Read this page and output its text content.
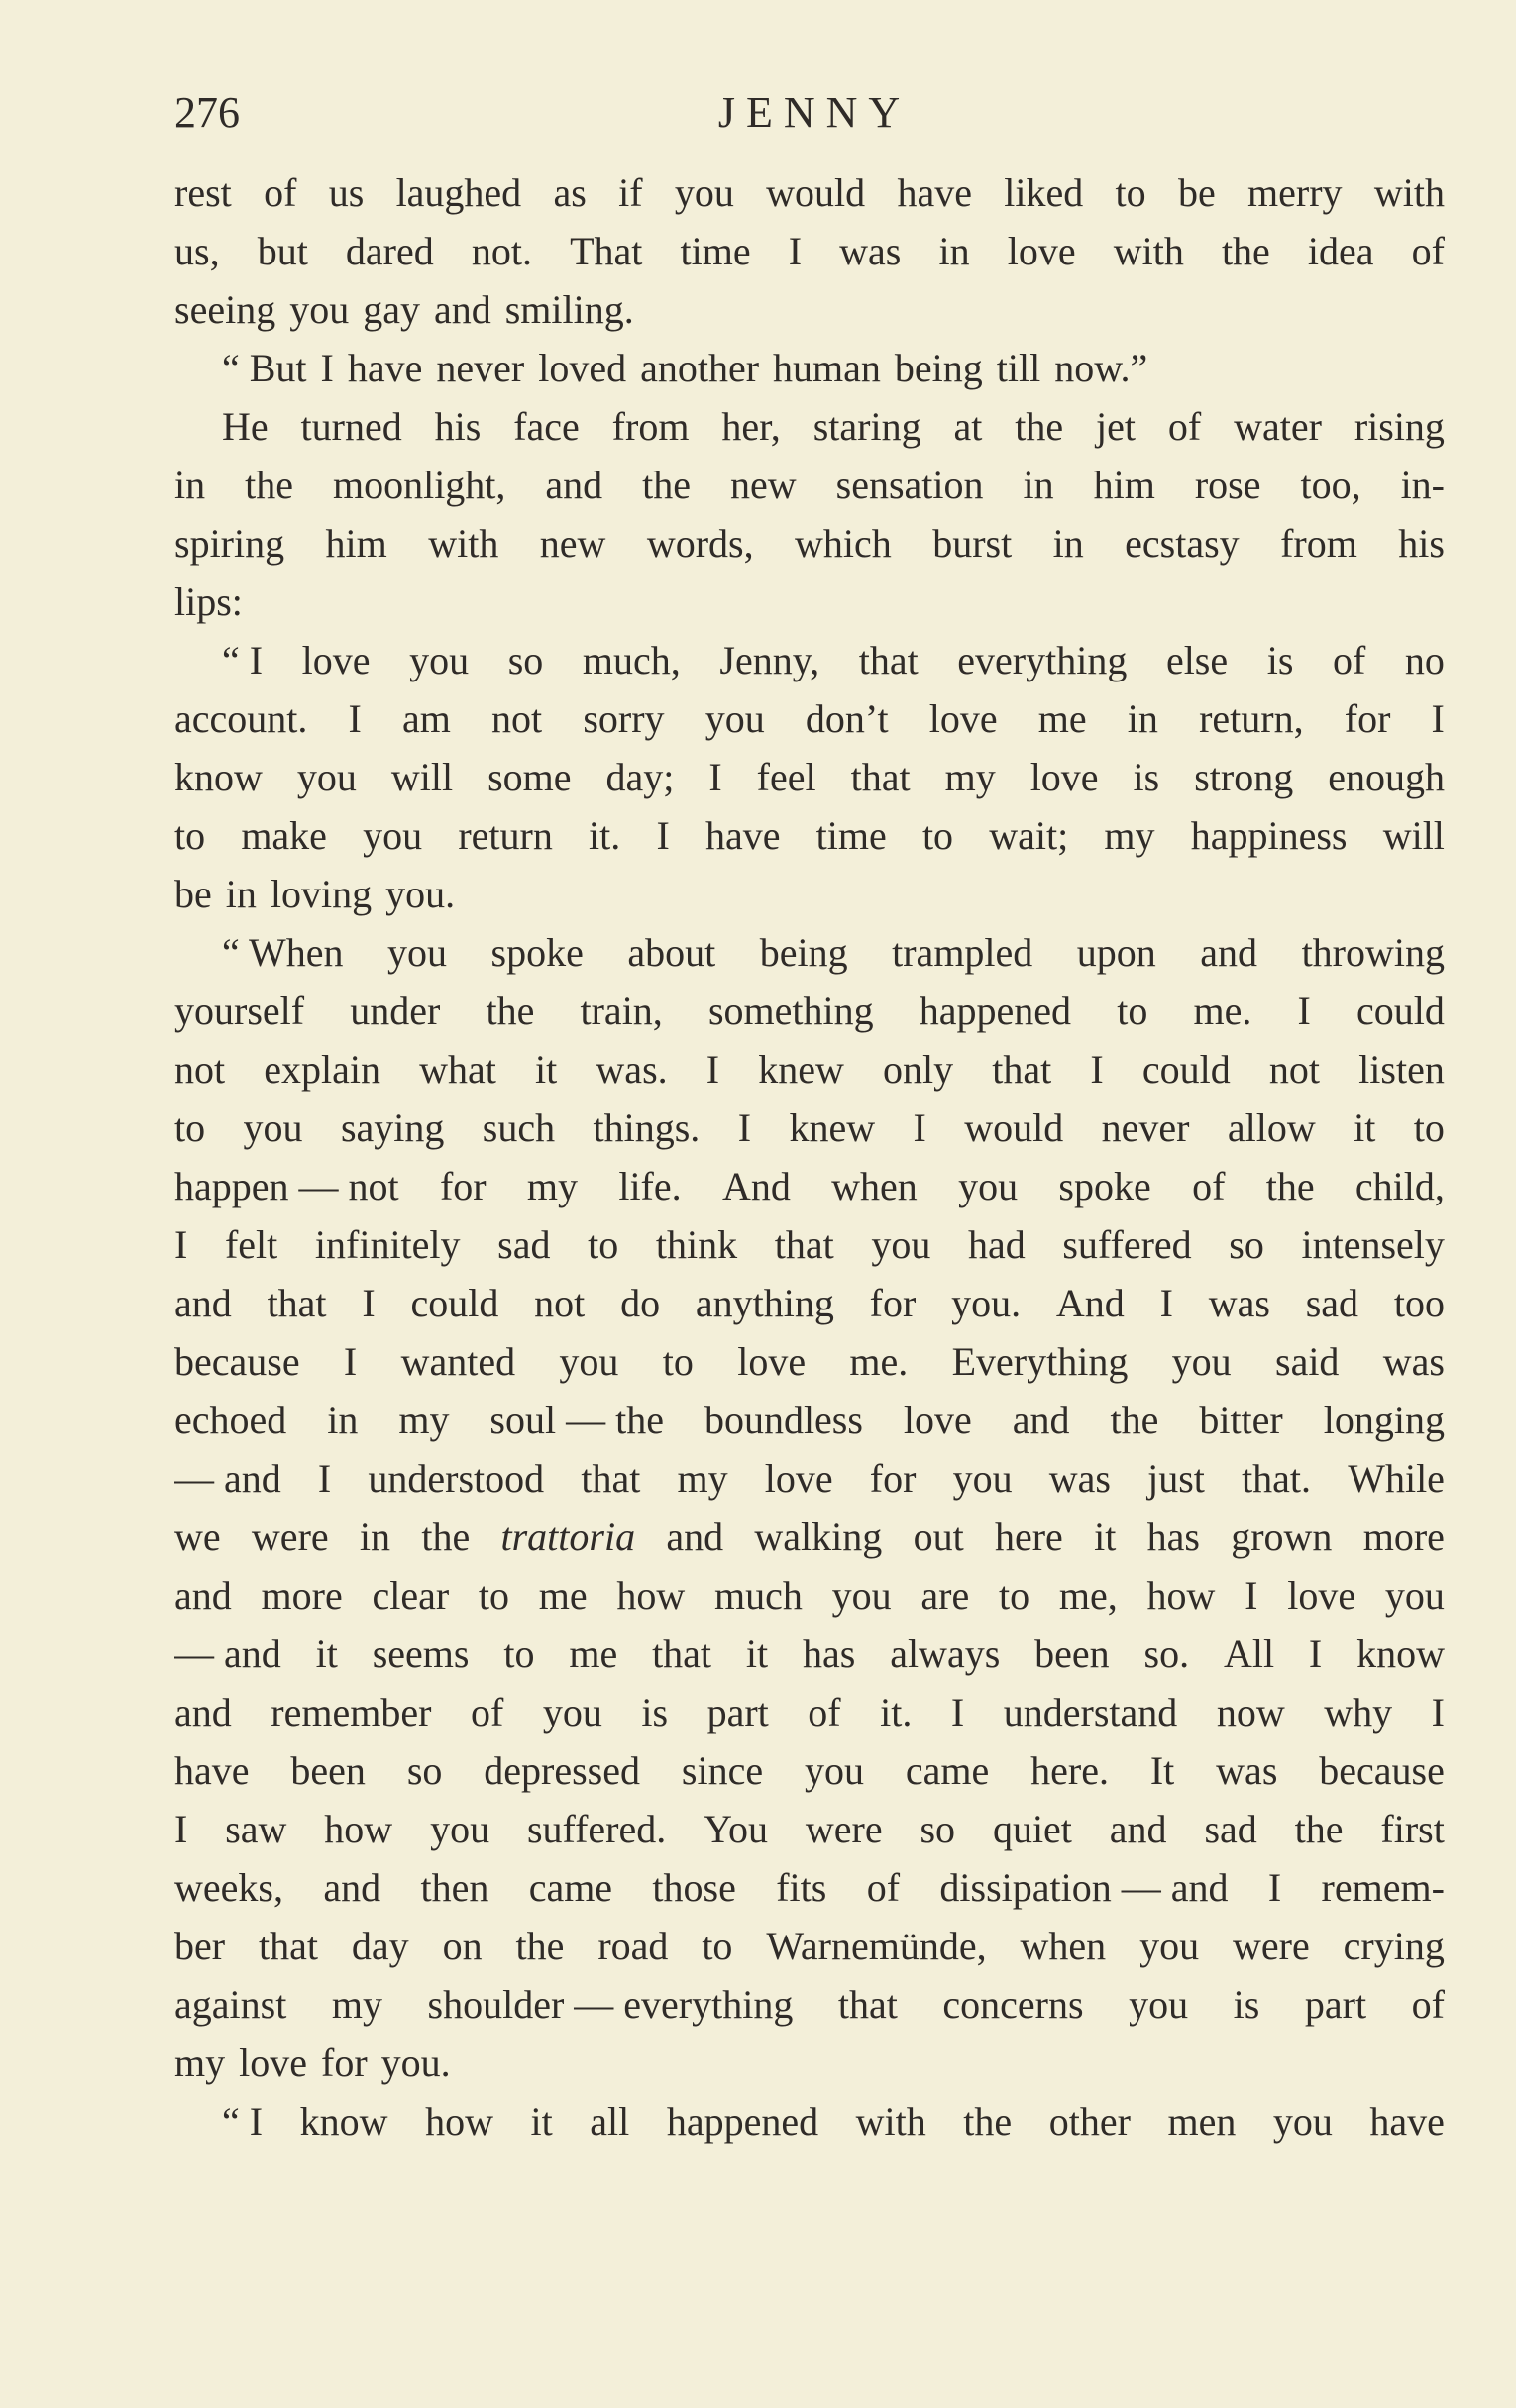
276	JENNY
rest of us laughed as if you would have liked to be merry with
us, but dared not. That time I was in love with the idea of
seeing you gay and smiling.
“ But I have never loved another human being till now.”
He turned his face from her, staring at the jet of water rising
in the moonlight, and the new sensation in him rose too, in-
spiring him with new words, which burst in ecstasy from his
lips:
“ I love you so much, Jenny, that everything else is of no
account. I am not sorry you don’t love me in return, for I
know you will some day; I feel that my love is strong enough
to make you return it. I have time to wait; my happiness will
be in loving you.
“ When you spoke about being trampled upon and throwing
yourself under the train, something happened to me. I could
not explain what it was. I knew only that I could not listen
to you saying such things. I knew I would never allow it to
happen — not for my life. And when you spoke of the child,
I felt infinitely sad to think that you had suffered so intensely
and that I could not do anything for you. And I was sad too
because I wanted you to love me. Everything you said was
echoed in my soul — the boundless love and the bitter longing
— and I understood that my love for you was just that. While
we were in the trattoria and walking out here it has grown more
and more clear to me how much you are to me, how I love you
— and it seems to me that it has always been so. All I know
and remember of you is part of it. I understand now why I
have been so depressed since you came here. It was because
I saw how you suffered. You were so quiet and sad the first
weeks, and then came those fits of dissipation — and I remem-
ber that day on the road to Warnemünde, when you were crying
against my shoulder — everything that concerns you is part of
my love for you.
“ I know how it all happened with the other men you have
